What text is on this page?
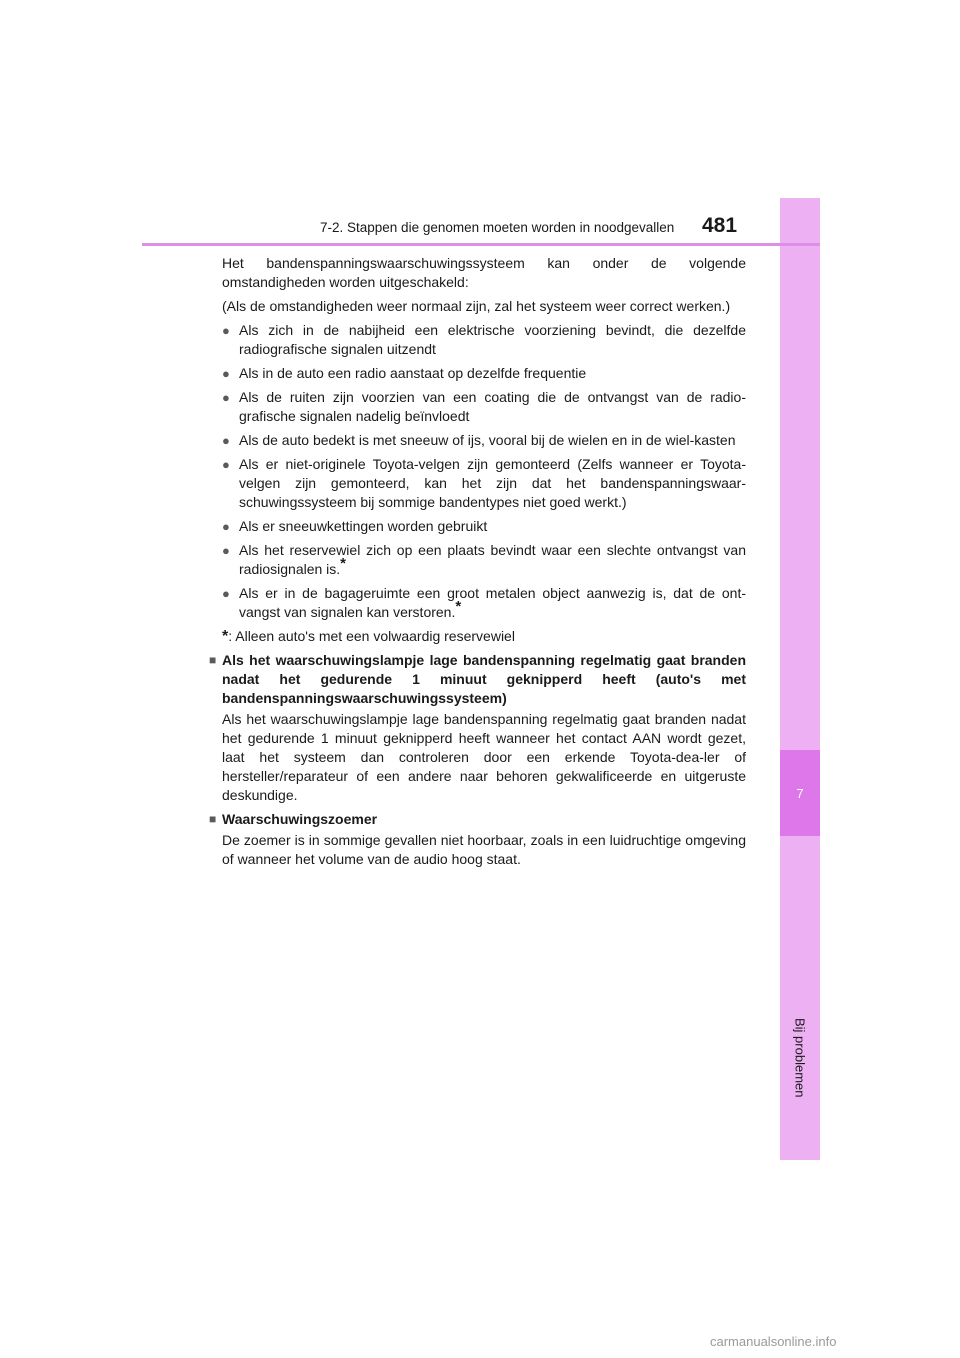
7
Bij problemen
7-2. Stappen die genomen moeten worden in noodgevallen 481

Het bandenspanningswaarschuwingssysteem kan onder de volgende omstandigheden worden uitgeschakeld:

(Als de omstandigheden weer normaal zijn, zal het systeem weer correct werken.)

● Als zich in de nabijheid een elektrische voorziening bevindt, die dezelfde radiografische signalen uitzendt
● Als in de auto een radio aanstaat op dezelfde frequentie
● Als de ruiten zijn voorzien van een coating die de ontvangst van de radio-grafische signalen nadelig beïnvloedt
● Als de auto bedekt is met sneeuw of ijs, vooral bij de wielen en in de wiel-kasten
● Als er niet-originele Toyota-velgen zijn gemonteerd (Zelfs wanneer er Toyota-velgen zijn gemonteerd, kan het zijn dat het bandenspanningswaar-schuwingssysteem bij sommige bandentypes niet goed werkt.)
● Als er sneeuwkettingen worden gebruikt
● Als het reservewiel zich op een plaats bevindt waar een slechte ontvangst van radiosignalen is.*
● Als er in de bagageruimte een groot metalen object aanwezig is, dat de ont-vangst van signalen kan verstoren.*

*: Alleen auto's met een volwaardig reservewiel

■ Als het waarschuwingslampje lage bandenspanning regelmatig gaat branden nadat het gedurende 1 minuut geknipperd heeft (auto's met bandenspanningswaarschuwingssysteem)

Als het waarschuwingslampje lage bandenspanning regelmatig gaat branden nadat het gedurende 1 minuut geknipperd heeft wanneer het contact AAN wordt gezet, laat het systeem dan controleren door een erkende Toyota-dea-ler of hersteller/reparateur of een andere naar behoren gekwalificeerde en uitgeruste deskundige.

■ Waarschuwingszoemer

De zoemer is in sommige gevallen niet hoorbaar, zoals in een luidruchtige omgeving of wanneer het volume van de audio hoog staat.

carmanualsonline.info
